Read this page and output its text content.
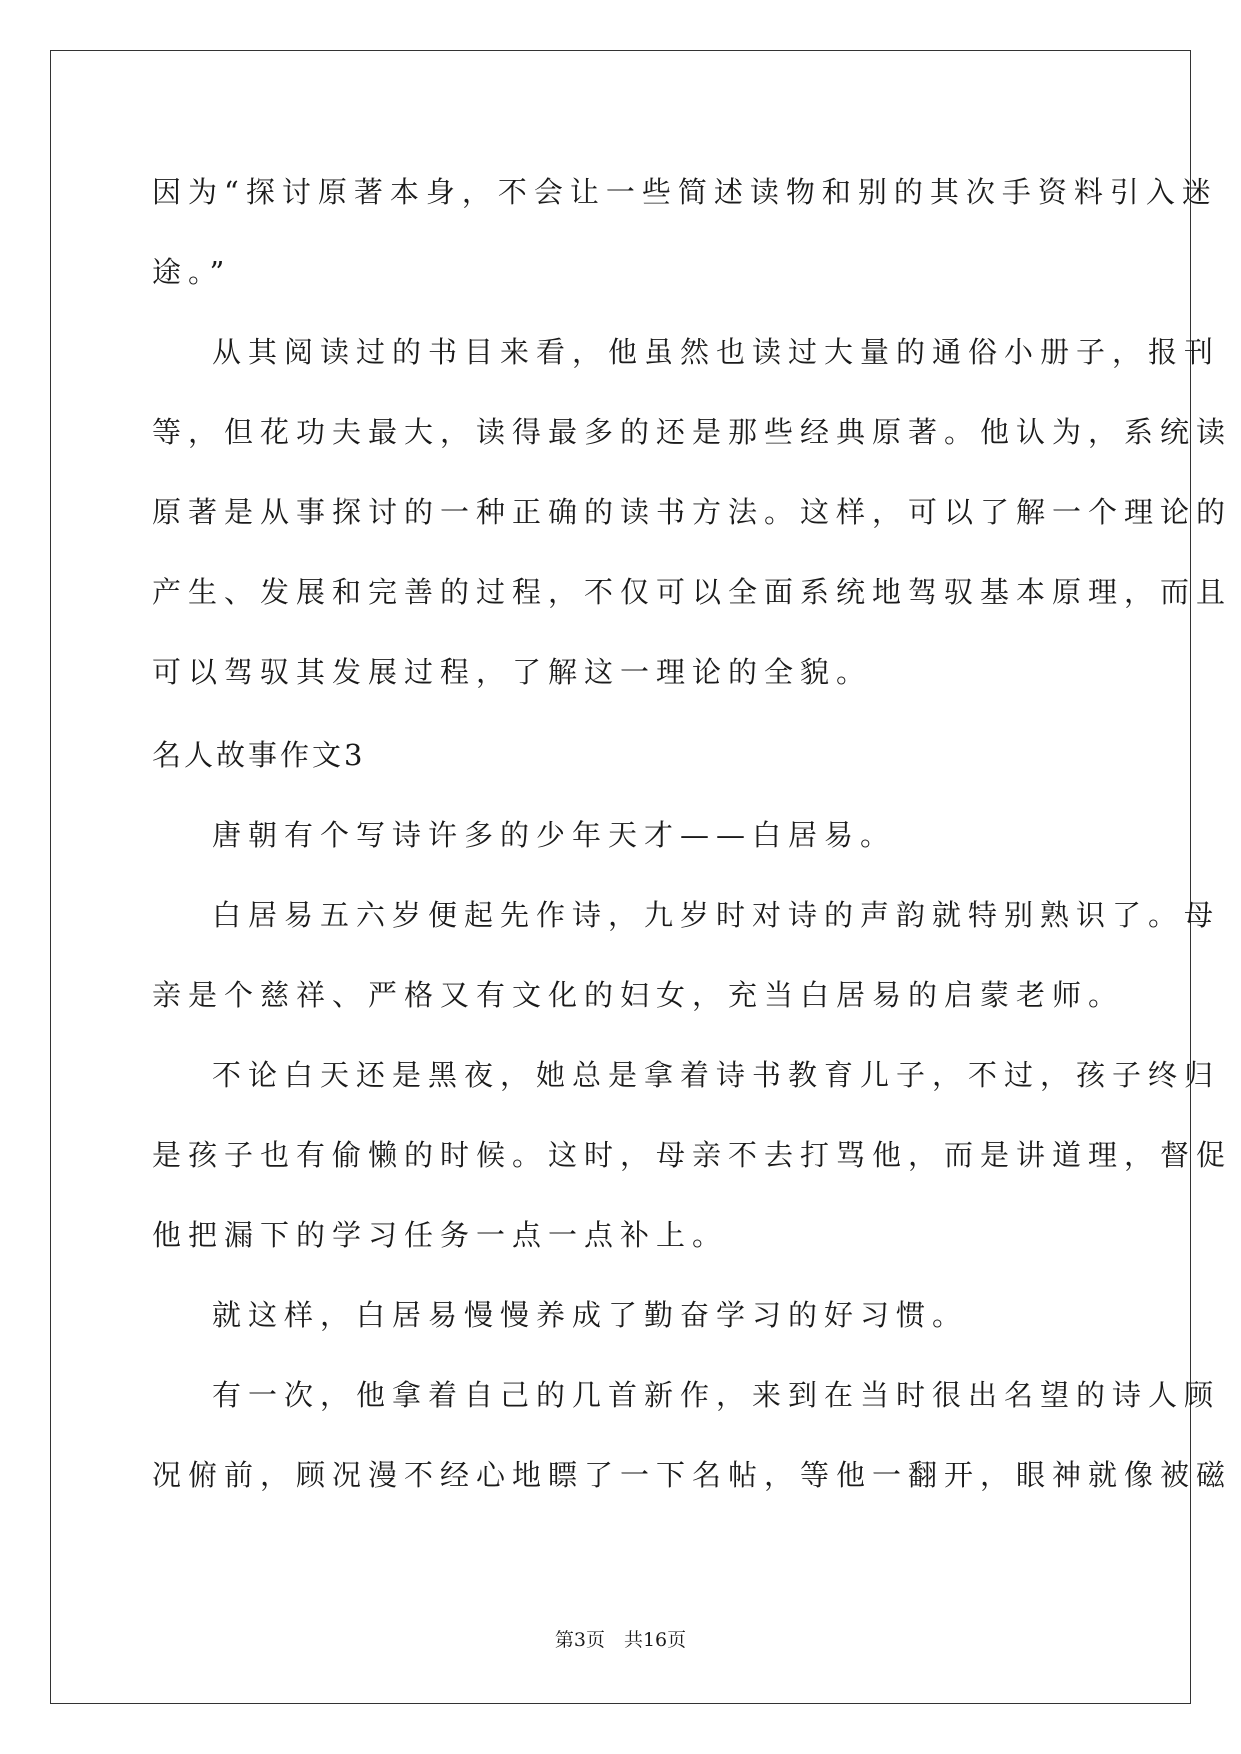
因为“探讨原著本身，不会让一些简述读物和别的其次手资料引入迷
途。”
从其阅读过的书目来看，他虽然也读过大量的通俗小册子，报刊
等，但花功夫最大，读得最多的还是那些经典原著。他认为，系统读
原著是从事探讨的一种正确的读书方法。这样，可以了解一个理论的
产生、发展和完善的过程，不仅可以全面系统地驾驭基本原理，而且
可以驾驭其发展过程，了解这一理论的全貌。
名人故事作文3
唐朝有个写诗许多的少年天才——白居易。
白居易五六岁便起先作诗，九岁时对诗的声韵就特别熟识了。母
亲是个慈祥、严格又有文化的妇女，充当白居易的启蒙老师。
不论白天还是黑夜，她总是拿着诗书教育儿子，不过，孩子终归
是孩子也有偷懒的时候。这时，母亲不去打骂他，而是讲道理，督促
他把漏下的学习任务一点一点补上。
就这样，白居易慢慢养成了勤奋学习的好习惯。
有一次，他拿着自己的几首新作，来到在当时很出名望的诗人顾
况俯前，顾况漫不经心地瞟了一下名帖，等他一翻开，眼神就像被磁
第3页　共16页
